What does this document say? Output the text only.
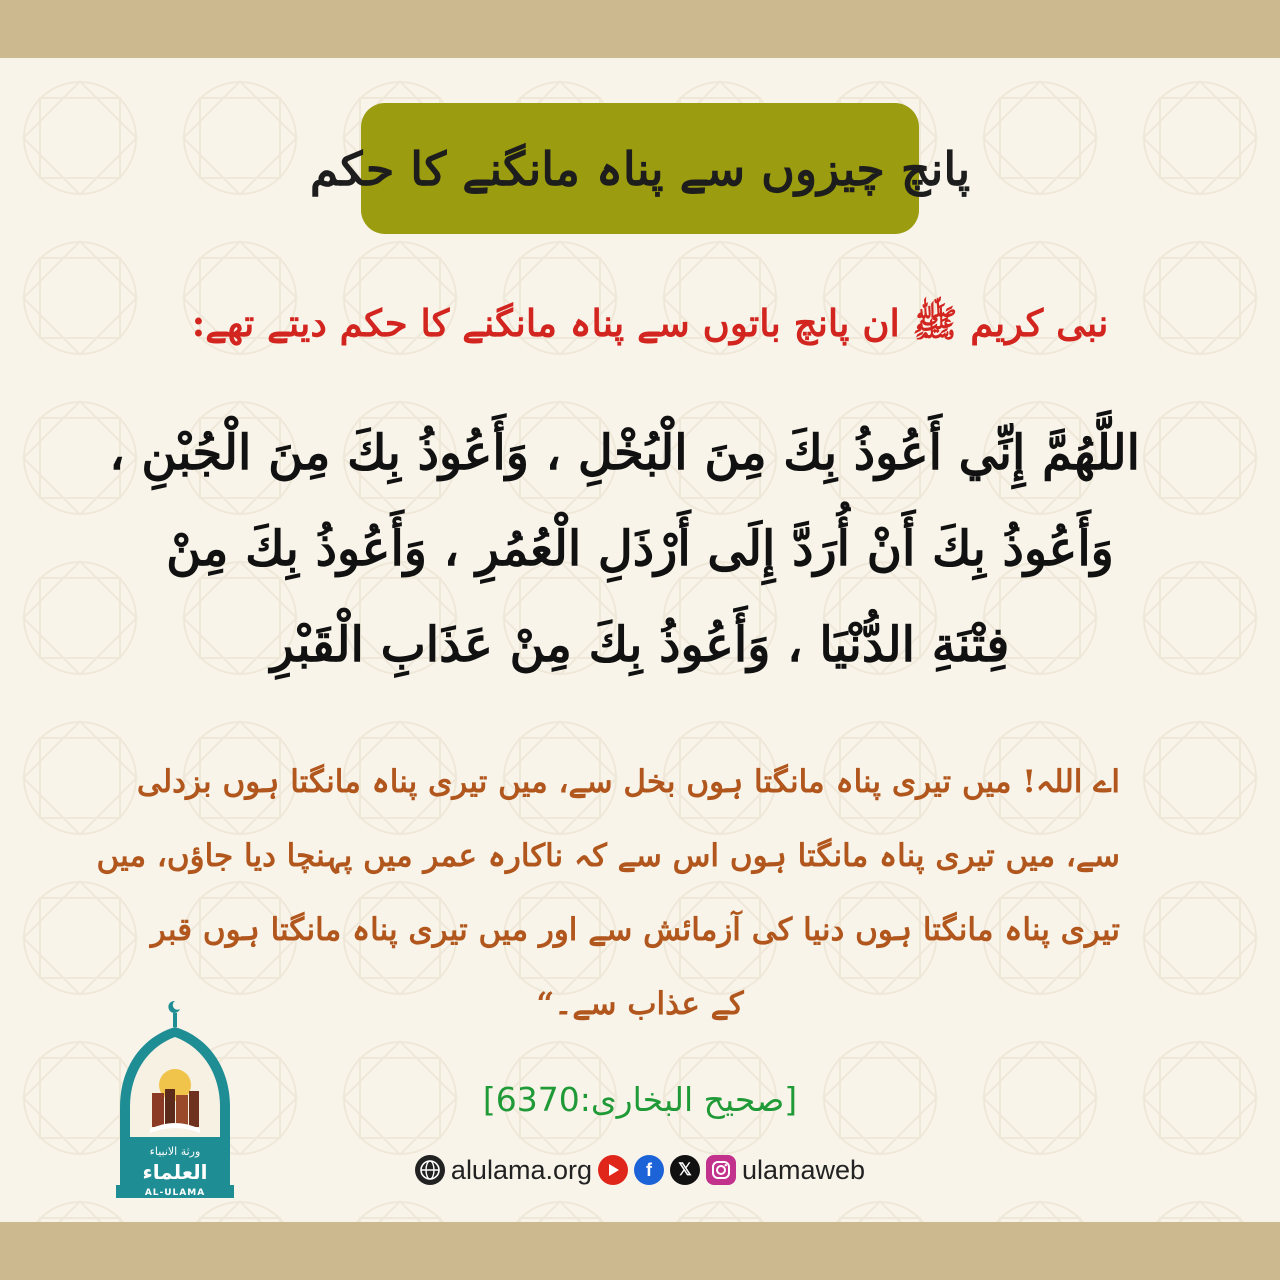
پانچ چیزوں سے پناہ مانگنے کا حکم
نبی کریم ﷺ ان پانچ باتوں سے پناہ مانگنے کا حکم دیتے تھے:
اللَّهُمَّ إِنِّي أَعُوذُ بِكَ مِنَ الْبُخْلِ ، وَأَعُوذُ بِكَ مِنَ الْجُبْنِ ،
وَأَعُوذُ بِكَ أَنْ أُرَدَّ إِلَى أَرْذَلِ الْعُمُرِ ، وَأَعُوذُ بِكَ مِنْ
فِتْنَةِ الدُّنْيَا ، وَأَعُوذُ بِكَ مِنْ عَذَابِ الْقَبْرِ
اے اللہ! میں تیری پناہ مانگتا ہوں بخل سے، میں تیری پناہ مانگتا ہوں بزدلی
سے، میں تیری پناہ مانگتا ہوں اس سے کہ ناکارہ عمر میں پہنچا دیا جاؤں، میں
تیری پناہ مانگتا ہوں دنیا کی آزمائش سے اور میں تیری پناہ مانگتا ہوں قبر
کے عذاب سے۔“
[صحیح البخاری:6370]
alulama.org	f	𝕏	ulamaweb
ورثة الانبياء
العلماء
AL-ULAMA
